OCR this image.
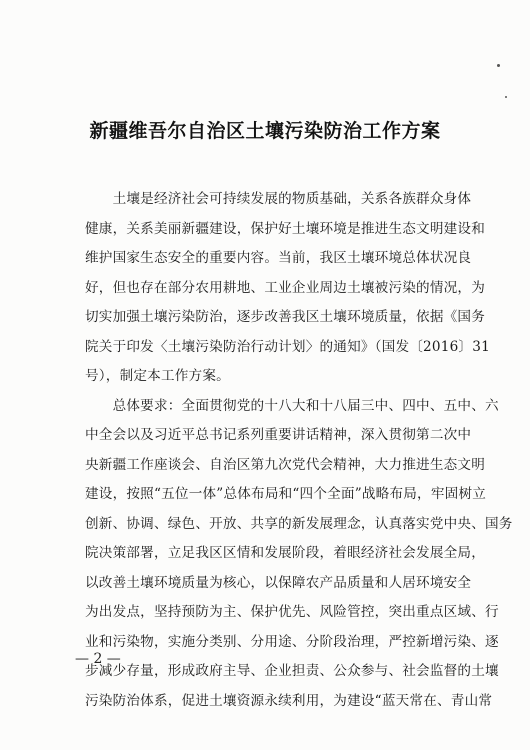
新疆维吾尔自治区土壤污染防治工作方案
　　土壤是经济社会可持续发展的物质基础，关系各族群众身体
健康，关系美丽新疆建设，保护好土壤环境是推进生态文明建设和
维护国家生态安全的重要内容。当前，我区土壤环境总体状况良
好，但也存在部分农用耕地、工业企业周边土壤被污染的情况，为
切实加强土壤污染防治，逐步改善我区土壤环境质量，依据《国务
院关于印发〈土壤污染防治行动计划〉的通知》（国发〔2016〕31
号），制定本工作方案。
　　总体要求：全面贯彻党的十八大和十八届三中、四中、五中、六
中全会以及习近平总书记系列重要讲话精神，深入贯彻第二次中
央新疆工作座谈会、自治区第九次党代会精神，大力推进生态文明
建设，按照“五位一体”总体布局和“四个全面”战略布局，牢固树立
创新、协调、绿色、开放、共享的新发展理念，认真落实党中央、国务
院决策部署，立足我区区情和发展阶段，着眼经济社会发展全局，
以改善土壤环境质量为核心，以保障农产品质量和人居环境安全
为出发点，坚持预防为主、保护优先、风险管控，突出重点区域、行
业和污染物，实施分类别、分用途、分阶段治理，严控新增污染、逐
步减少存量，形成政府主导、企业担责、公众参与、社会监督的土壤
污染防治体系，促进土壤资源永续利用，为建设“蓝天常在、青山常
— 2 —
